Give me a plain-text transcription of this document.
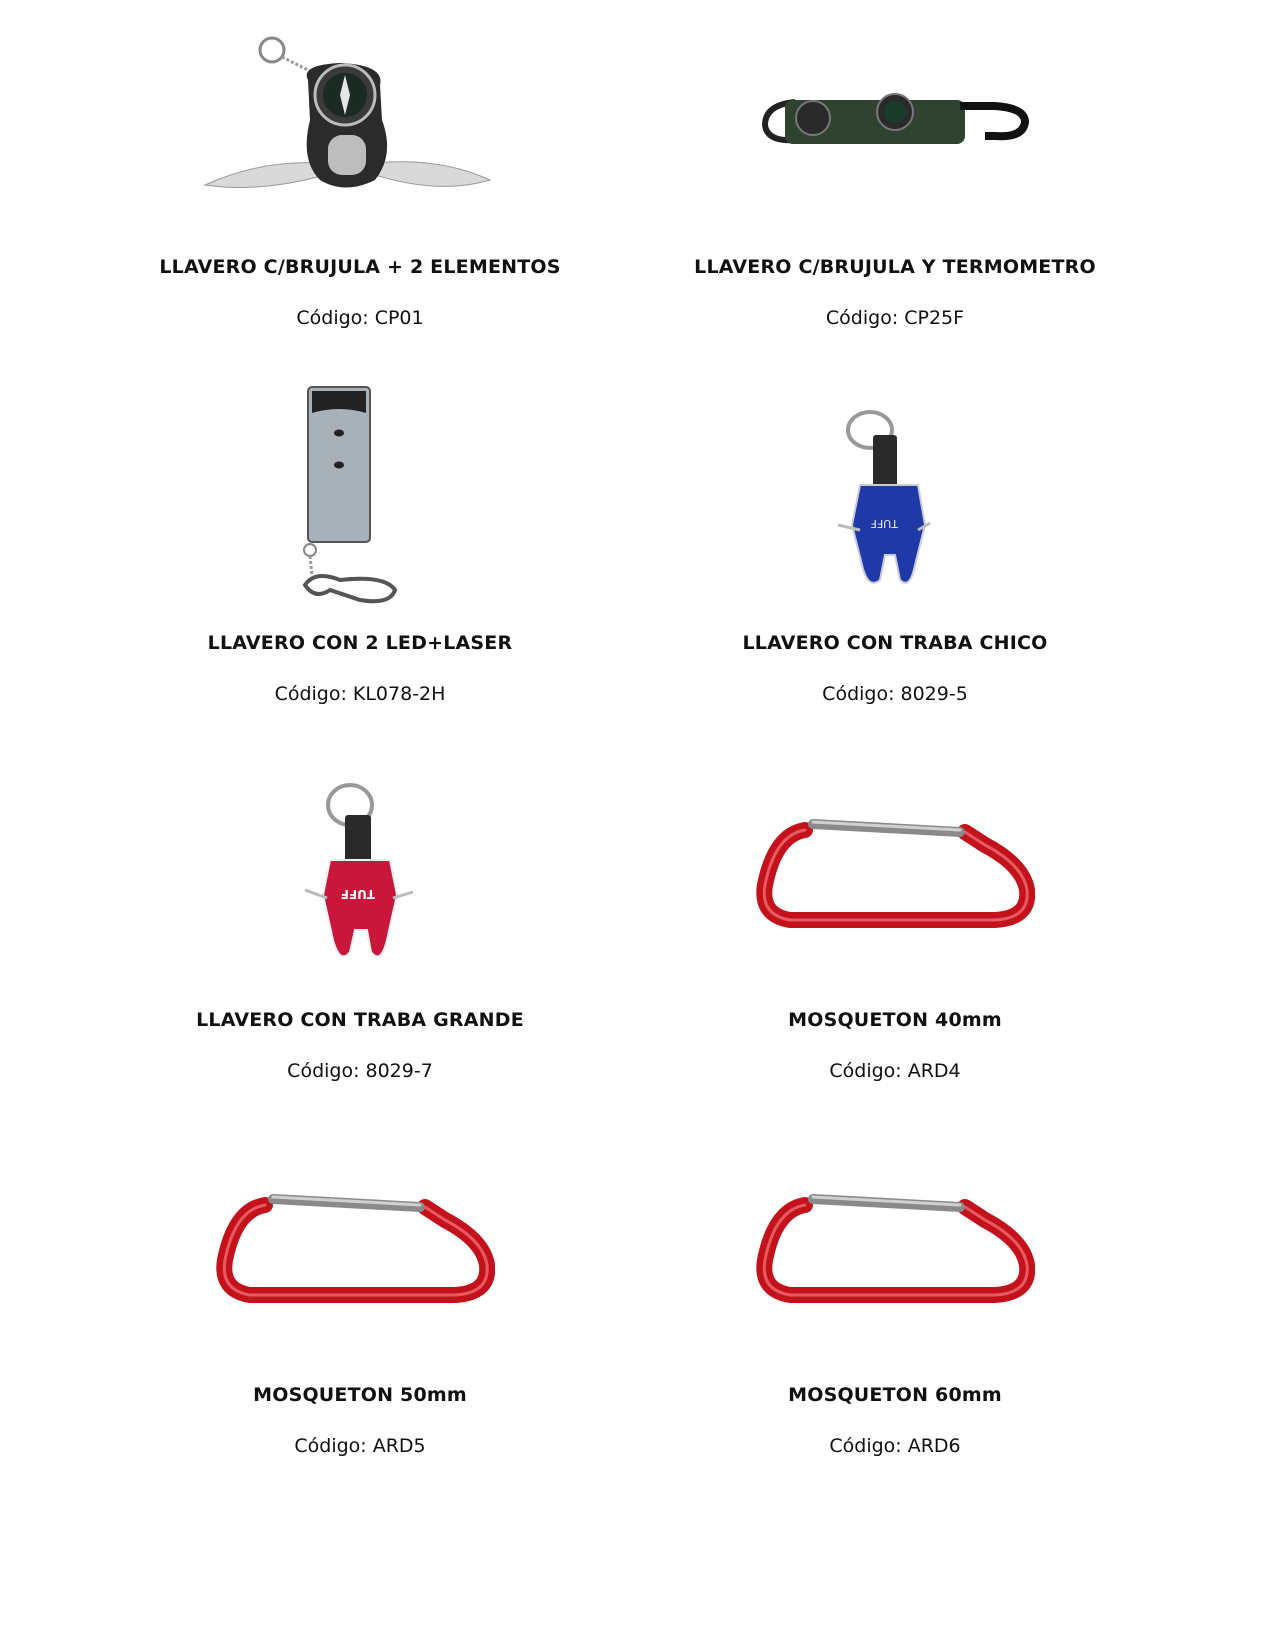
LLAVERO C/BRUJULA + 2 ELEMENTOS
Código: CP01
LLAVERO C/BRUJULA Y TERMOMETRO
Código: CP25F
LLAVERO CON 2 LED+LASER
Código: KL078-2H
TUFF
LLAVERO CON TRABA CHICO
Código: 8029-5
TUFF
LLAVERO CON TRABA GRANDE
Código: 8029-7
MOSQUETON 40mm
Código: ARD4
MOSQUETON 50mm
Código: ARD5
MOSQUETON 60mm
Código: ARD6
